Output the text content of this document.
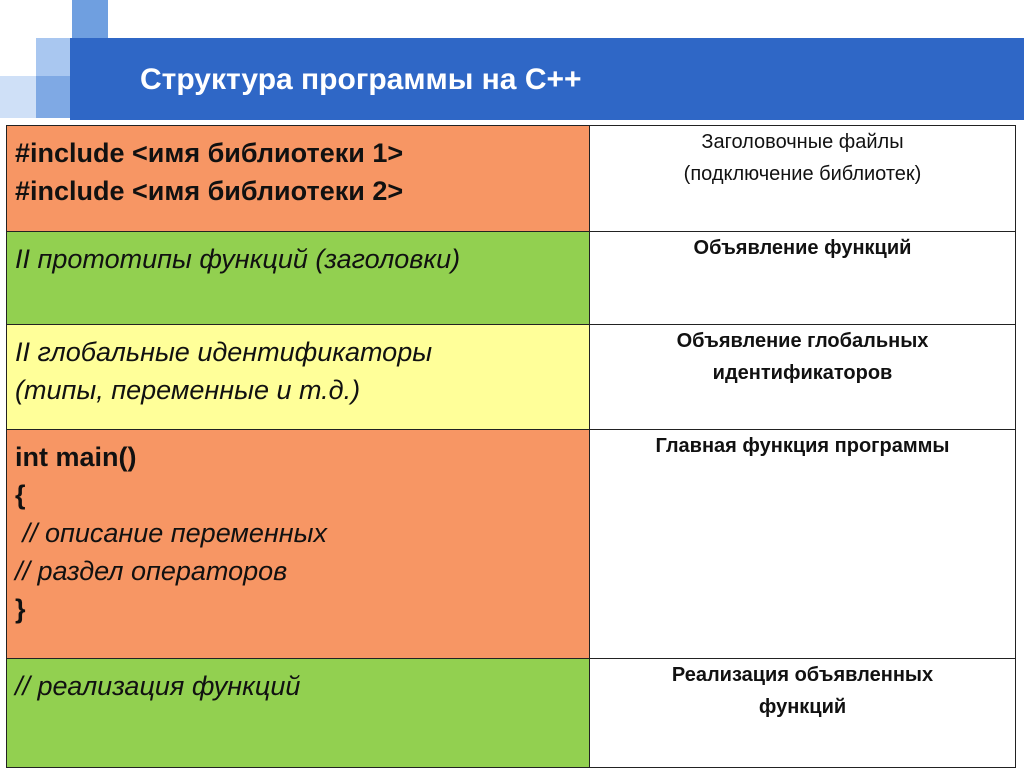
Структура программы на С++
#include <имя библиотеки 1>
#include <имя библиотеки 2>	Заголовочные файлы
(подключение библиотек)

II прототипы функций (заголовки)	Объявление функций

II глобальные идентификаторы
(типы, переменные и т.д.)	Объявление глобальных
идентификаторов

int main()
{
// описание переменных
// раздел операторов
}	Главная функция программы

// реализация функций	Реализация объявленных
функций
